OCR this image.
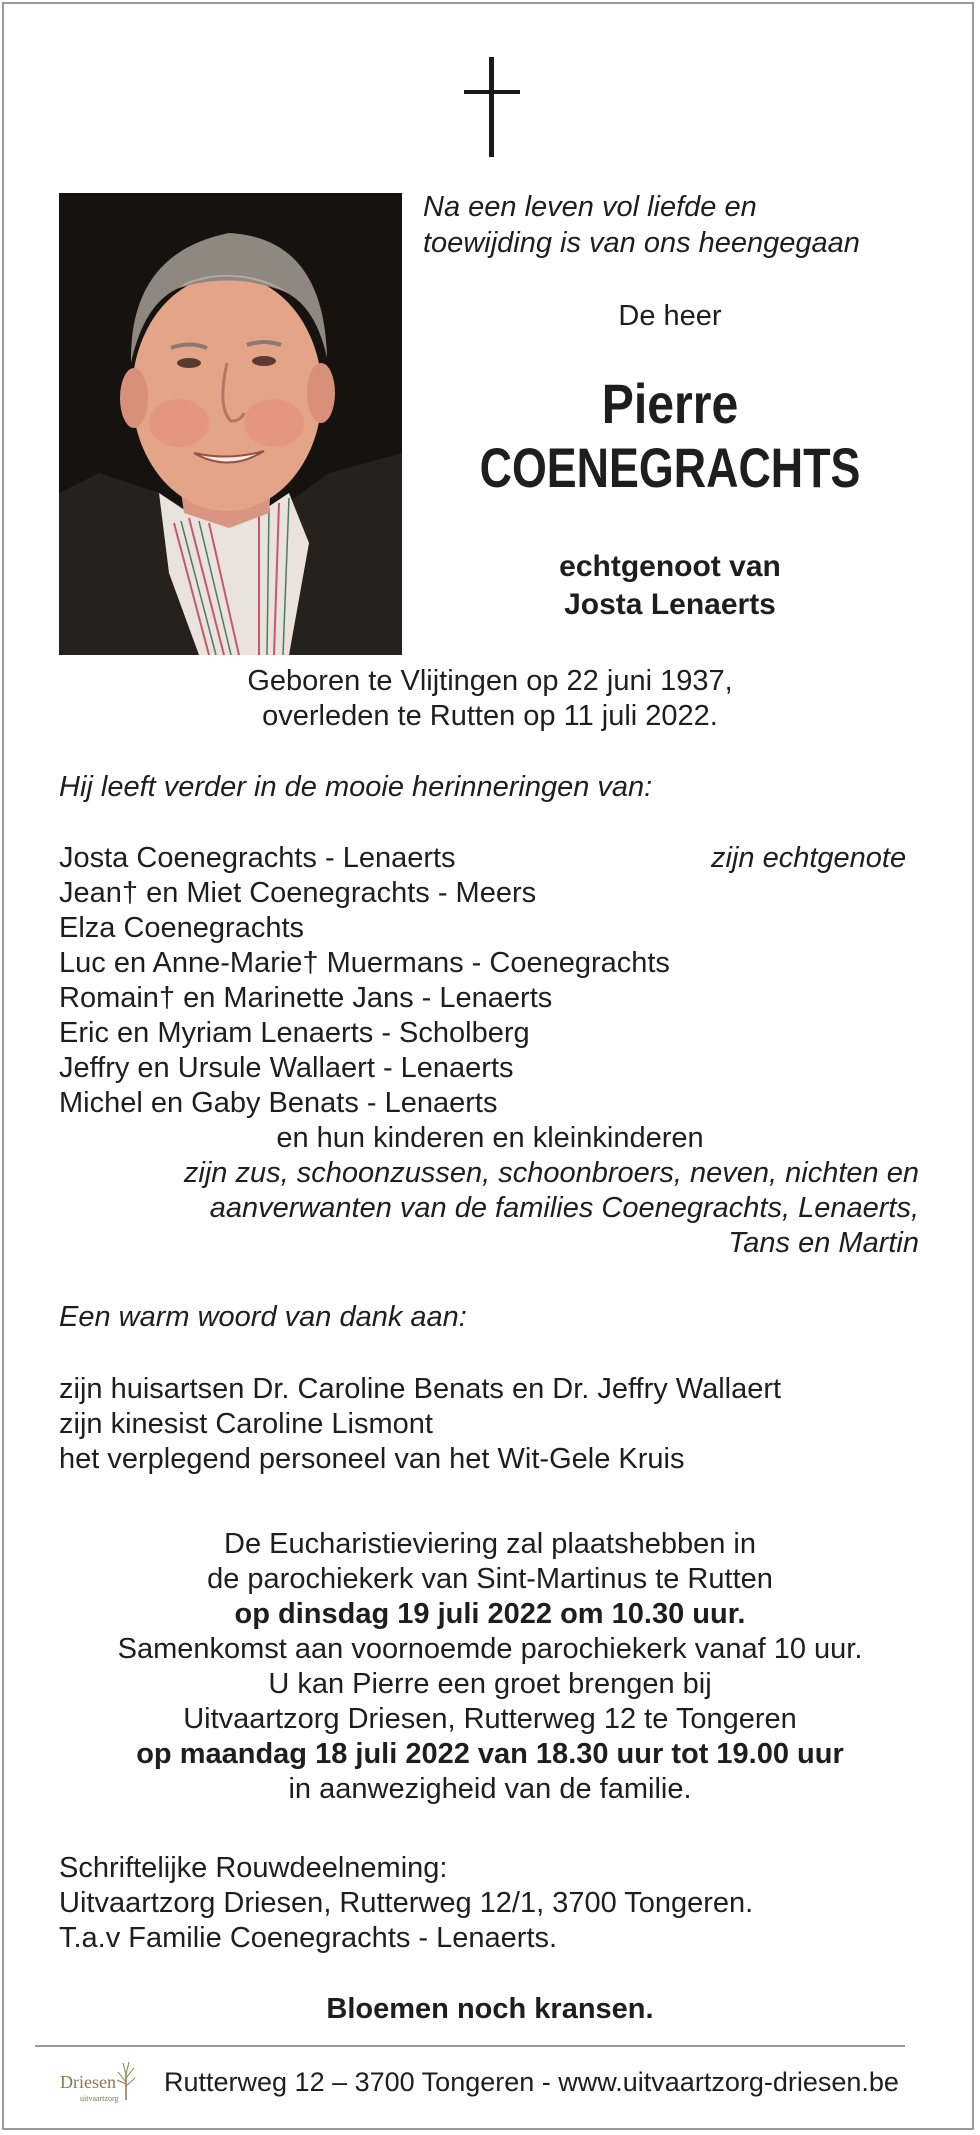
Na een leven vol liefde en
toewijding is van ons heengegaan
De heer
Pierre
COENEGRACHTS
echtgenoot van
Josta Lenaerts
Geboren te Vlijtingen op 22 juni 1937,
overleden te Rutten op 11 juli 2022.
Hij leeft verder in de mooie herinneringen van:
Josta Coenegrachts - Lenaerts	zijn echtgenote
Jean† en Miet Coenegrachts - Meers
Elza Coenegrachts
Luc en Anne-Marie† Muermans - Coenegrachts
Romain† en Marinette Jans - Lenaerts
Eric en Myriam Lenaerts - Scholberg
Jeffry en Ursule Wallaert - Lenaerts
Michel en Gaby Benats - Lenaerts
en hun kinderen en kleinkinderen
zijn zus, schoonzussen, schoonbroers, neven, nichten en
aanverwanten van de families Coenegrachts, Lenaerts,
Tans en Martin
Een warm woord van dank aan:
zijn huisartsen Dr. Caroline Benats en Dr. Jeffry Wallaert
zijn kinesist Caroline Lismont
het verplegend personeel van het Wit-Gele Kruis
De Eucharistieviering zal plaatshebben in
de parochiekerk van Sint-Martinus te Rutten
op dinsdag 19 juli 2022 om 10.30 uur.
Samenkomst aan voornoemde parochiekerk vanaf 10 uur.
U kan Pierre een groet brengen bij
Uitvaartzorg Driesen, Rutterweg 12 te Tongeren
op maandag 18 juli 2022 van 18.30 uur tot 19.00 uur
in aanwezigheid van de familie.
Schriftelijke Rouwdeelneming:
Uitvaartzorg Driesen, Rutterweg 12/1, 3700 Tongeren.
T.a.v Familie Coenegrachts - Lenaerts.
Bloemen noch kransen.
Driesen
uitvaartzorg
Rutterweg 12 – 3700 Tongeren - www.uitvaartzorg-driesen.be
